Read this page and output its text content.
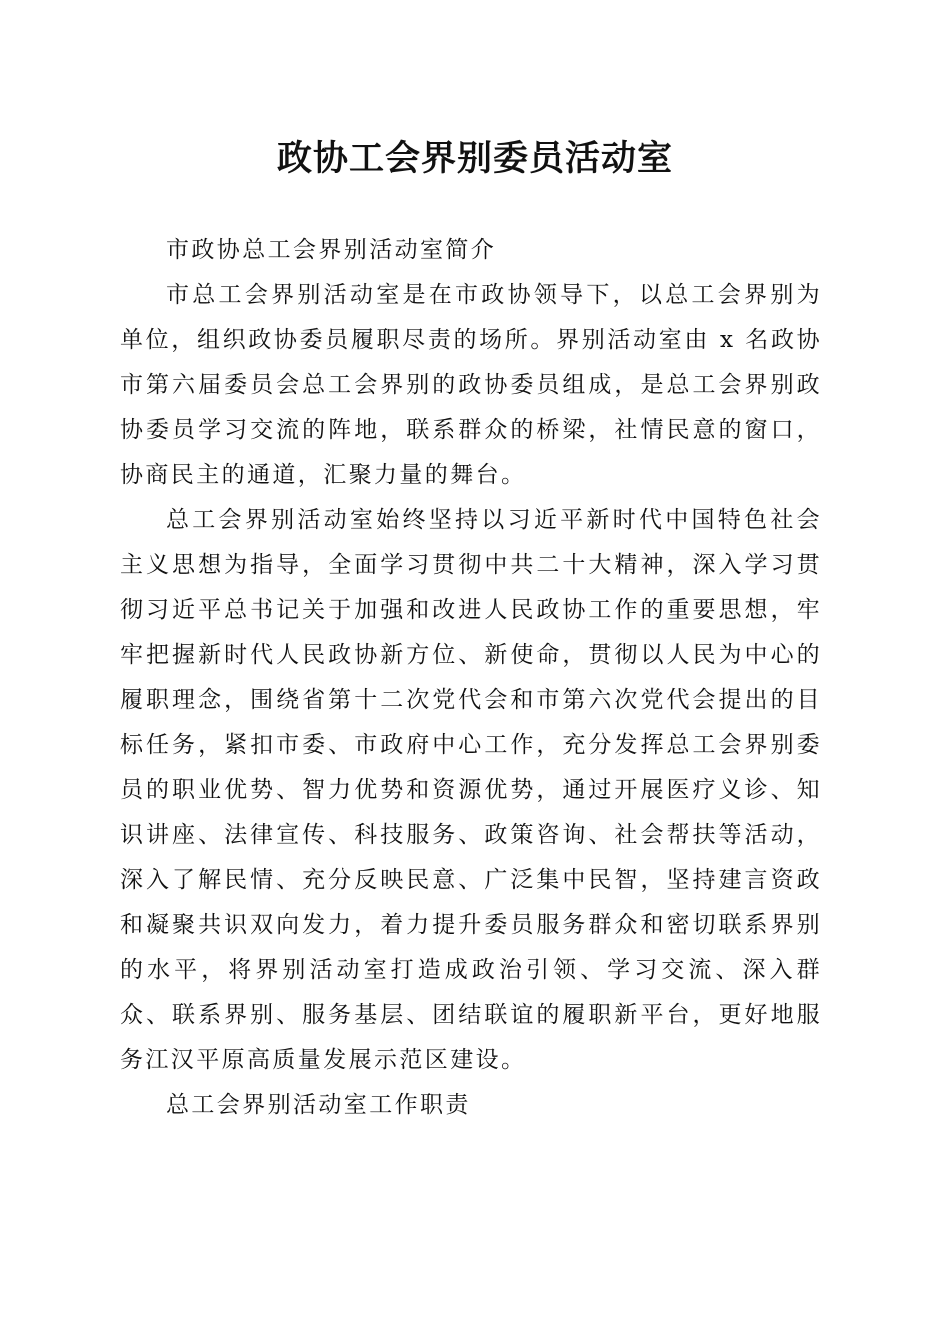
政协工会界别委员活动室

市政协总工会界别活动室简介

市总工会界别活动室是在市政协领导下，以总工会界别为单位，组织政协委员履职尽责的场所。界别活动室由 x 名政协市第六届委员会总工会界别的政协委员组成，是总工会界别政协委员学习交流的阵地，联系群众的桥梁，社情民意的窗口，协商民主的通道，汇聚力量的舞台。

总工会界别活动室始终坚持以习近平新时代中国特色社会主义思想为指导，全面学习贯彻中共二十大精神，深入学习贯彻习近平总书记关于加强和改进人民政协工作的重要思想，牢牢把握新时代人民政协新方位、新使命，贯彻以人民为中心的履职理念，围绕省第十二次党代会和市第六次党代会提出的目标任务，紧扣市委、市政府中心工作，充分发挥总工会界别委员的职业优势、智力优势和资源优势，通过开展医疗义诊、知识讲座、法律宣传、科技服务、政策咨询、社会帮扶等活动，深入了解民情、充分反映民意、广泛集中民智，坚持建言资政和凝聚共识双向发力，着力提升委员服务群众和密切联系界别的水平，将界别活动室打造成政治引领、学习交流、深入群众、联系界别、服务基层、团结联谊的履职新平台，更好地服务江汉平原高质量发展示范区建设。

总工会界别活动室工作职责
